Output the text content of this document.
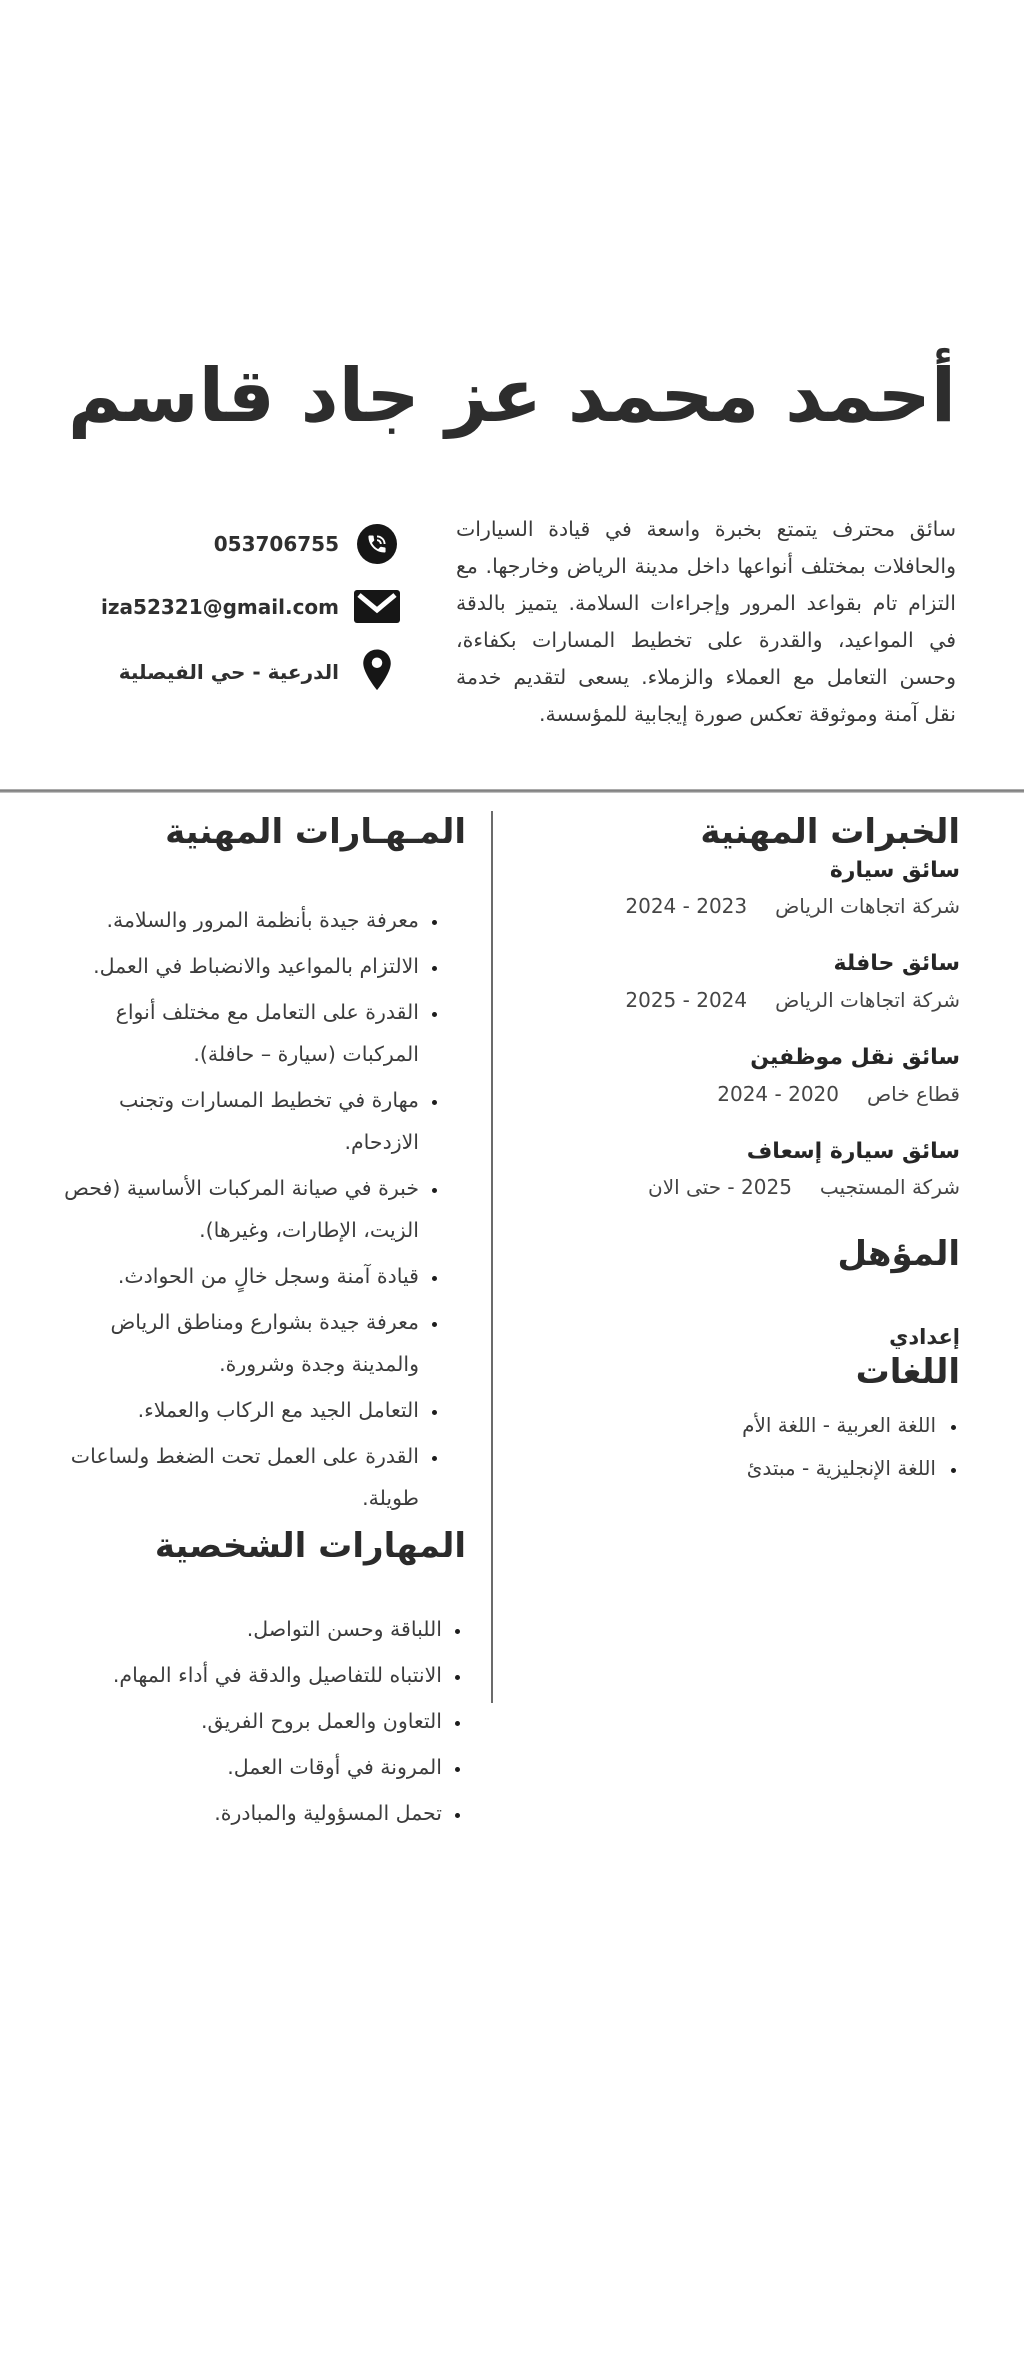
أحمد محمد عز جاد قاسم

سائق محترف يتمتع بخبرة واسعة في قيادة السيارات والحافلات بمختلف أنواعها داخل مدينة الرياض وخارجها. مع التزام تام بقواعد المرور وإجراءات السلامة. يتميز بالدقة في المواعيد، والقدرة على تخطيط المسارات بكفاءة، وحسن التعامل مع العملاء والزملاء. يسعى لتقديم خدمة نقل آمنة وموثوقة تعكس صورة إيجابية للمؤسسة.

053706755
iza52321@gmail.com
الدرعية - حي الفيصلية
الخبرات المهنية
سائق سيارة
شركة اتجاهات الرياض
2023 - 2024
سائق حافلة
شركة اتجاهات الرياض
2024 - 2025
سائق نقل موظفين
قطاع خاص
2020 - 2024
سائق سيارة إسعاف
شركة المستجيب
2025 - حتى الان
المؤهل
إعدادي
اللغات
• اللغة العربية - اللغة الأم
• اللغة الإنجليزية - مبتدئ
المـهـارات المهنية
• معرفة جيدة بأنظمة المرور والسلامة.
• الالتزام بالمواعيد والانضباط في العمل.
• القدرة على التعامل مع مختلف أنواع المركبات (سيارة – حافلة).
• مهارة في تخطيط المسارات وتجنب الازدحام.
• خبرة في صيانة المركبات الأساسية (فحص الزيت، الإطارات، وغيرها).
• قيادة آمنة وسجل خالٍ من الحوادث.
• معرفة جيدة بشوارع ومناطق الرياض والمدينة وجدة وشرورة.
• التعامل الجيد مع الركاب والعملاء.
• القدرة على العمل تحت الضغط ولساعات طويلة.
المهارات الشخصية
• اللباقة وحسن التواصل.
• الانتباه للتفاصيل والدقة في أداء المهام.
• التعاون والعمل بروح الفريق.
• المرونة في أوقات العمل.
• تحمل المسؤولية والمبادرة.
